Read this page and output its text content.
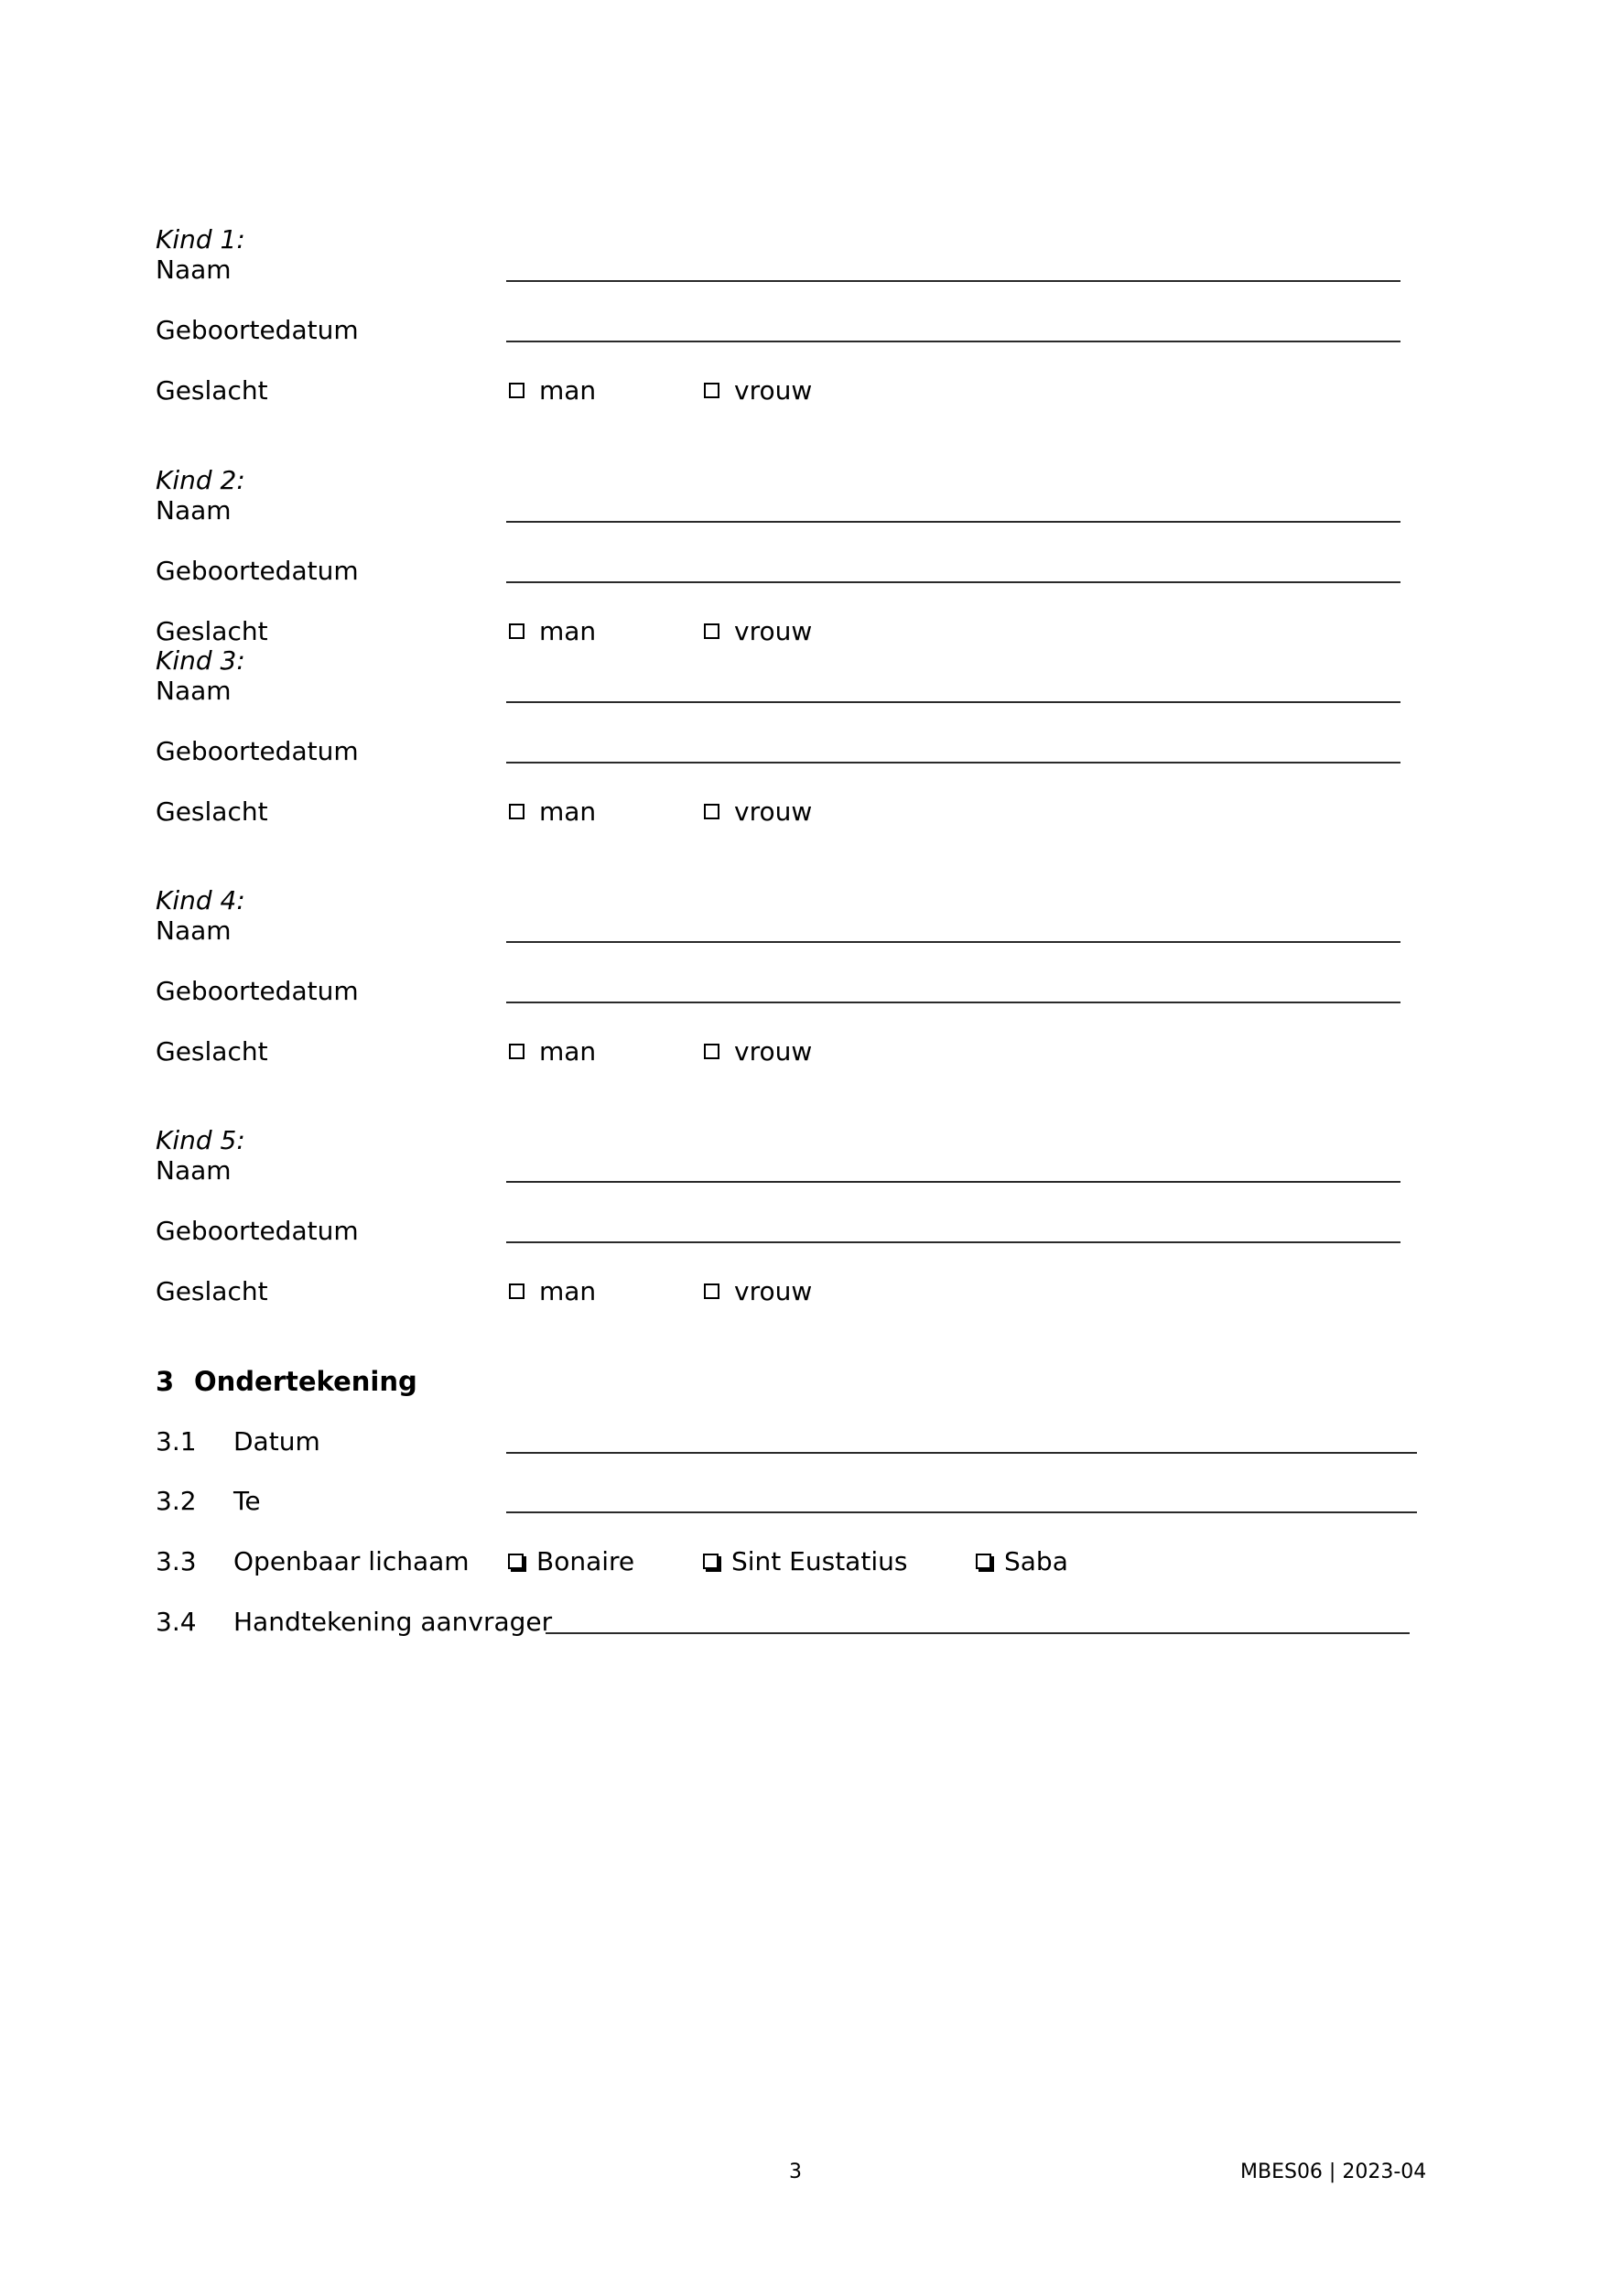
Kind 1:
Naam
Geboortedatum
Geslacht	man	vrouw
Kind 2:
Naam
Geboortedatum
Geslacht	man	vrouw
Kind 3:
Naam
Geboortedatum
Geslacht	man	vrouw
Kind 4:
Naam
Geboortedatum
Geslacht	man	vrouw
Kind 5:
Naam
Geboortedatum
Geslacht	man	vrouw
3 Ondertekening
3.1 Datum
3.2 Te
3.3 Openbaar lichaam	Bonaire	Sint Eustatius	Saba
3.4 Handtekening aanvrager
3	MBES06 | 2023-04
